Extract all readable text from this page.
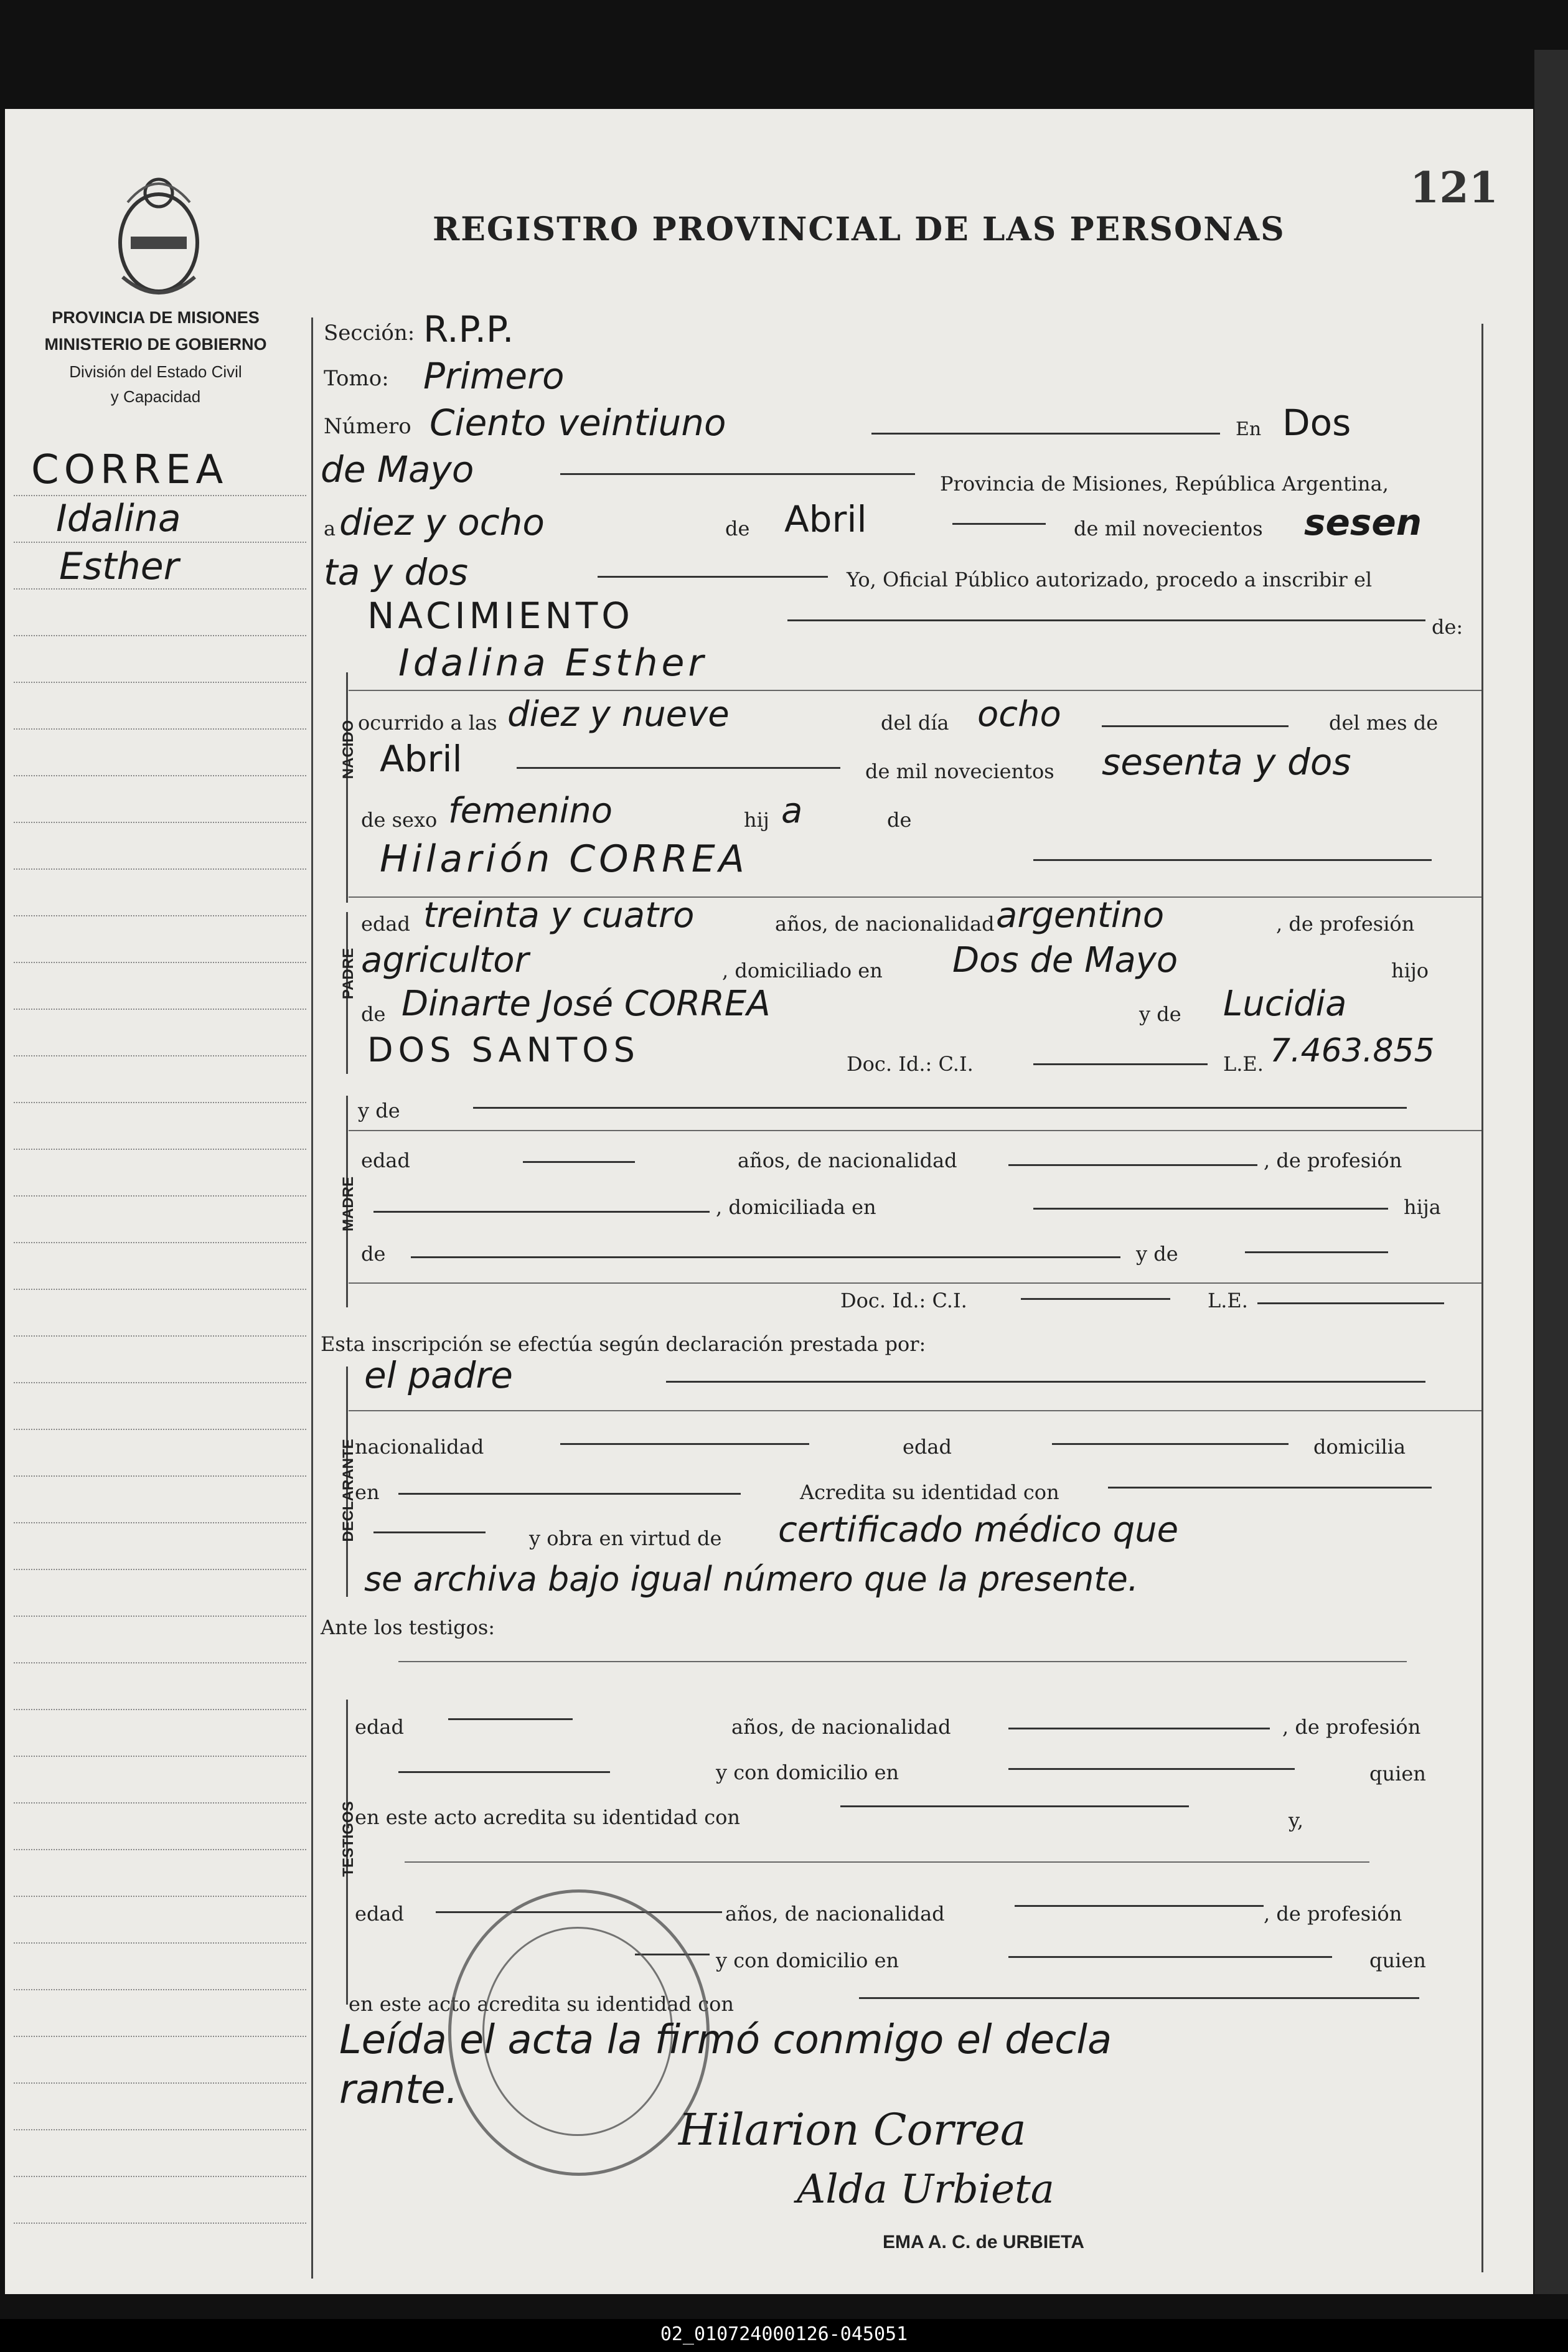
121
REGISTRO PROVINCIAL DE LAS PERSONAS
PROVINCIA DE MISIONES
MINISTERIO DE GOBIERNO
División del Estado Civil
y Capacidad
CORREA
Idalina
Esther
NACIDO
PADRE
MADRE
DECLARANTE
TESTIGOS
Sección: R.P.P.
Tomo: Primero
Número Ciento veintiuno	En Dos
de Mayo	Provincia de Misiones, República Argentina,
a diez y ocho	de Abril	de mil novecientos sesen
ta y dos	Yo, Oficial Público autorizado, procedo a inscribir el
NACIMIENTO	de:
Idalina Esther
ocurrido a las diez y nueve	del día ocho	del mes de
Abril	de mil novecientos sesenta y dos
de sexo femenino	hij a	de
Hilarión CORREA
edad treinta y cuatro	años, de nacionalidad argentino	, de profesión
agricultor	, domiciliado en Dos de Mayo	hijo
de Dinarte José CORREA	y de Lucidia
DOS SANTOS	Doc. Id.: C.I.	L.E. 7.463.855
y de
edad	años, de nacionalidad	, de profesión
, domiciliada en	hija
de	y de
Doc. Id.: C.I.	L.E.
Esta inscripción se efectúa según declaración prestada por:
el padre
nacionalidad	edad	domicilia
en	Acredita su identidad con
y obra en virtud de certificado médico que
se archiva bajo igual número que la presente.
Ante los testigos:
edad	años, de nacionalidad	, de profesión
y con domicilio en	quien
en este acto acredita su identidad con	y,
edad	años, de nacionalidad	, de profesión
y con domicilio en	quien
en este acto acredita su identidad con
Leída el acta la firmó conmigo el decla
rante.
Hilarion Correa
Alda Urbieta
EMA A. C. de URBIETA
02_010724000126-045051
